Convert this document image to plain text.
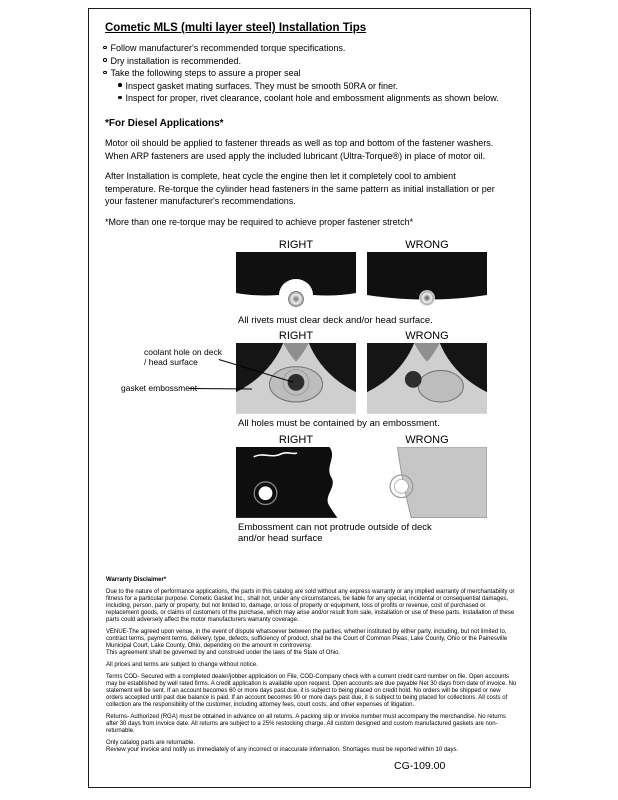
Cometic MLS (multi layer steel) Installation Tips
Follow manufacturer's recommended torque specifications.
Dry installation is recommended.
Take the following steps to assure a proper seal
Inspect gasket mating surfaces. They must be smooth 50RA or finer.
Inspect for proper, rivet clearance, coolant hole and embossment alignments as shown below.
*For Diesel Applications*

Motor oil should be applied to fastener threads as well as top and bottom of the fastener washers. When ARP fasteners are used apply the included lubricant (Ultra-Torque®) in place of motor oil.

After Installation is complete, heat cycle the engine then let it completely cool to ambient temperature. Re-torque the cylinder head fasteners in the same pattern as initial installation or per your fastener manufacturer's recommendations.

*More than one re-torque may be required to achieve proper fastener stretch*

RIGHT	WRONG
All rivets must clear deck and/or head surface.
RIGHT	WRONG
coolant hole on deck / head surface
gasket embossment
All holes must be contained by an embossment.
RIGHT	WRONG
Embossment can not protrude outside of deck and/or head surface
Warranty Disclaimer*

Due to the nature of performance applications, the parts in this catalog are sold without any express warranty or any implied warranty of merchantability or fitness for a particular purpose. Cometic Gasket Inc., shall not, under any circumstances, be liable for any special, incidental or consequential damages, including, person, party or property, but not limited to, damage, or loss of property or equipment, loss of profits or revenue, cost of purchased or replacement goods, or claims of customers of the purchase, which may arise and/or result from sale, installation or use of these parts. Installation of these parts could adversely affect the motor manufacturers warranty coverage.

VENUE-The agreed upon venue, in the event of dispute whatsoever between the parties, whether instituted by either party, including, but not limited to, contract terms, payment terms, delivery, type, defects, sufficiency of product, shall be the Court of Common Pleas, Lake County, Ohio or the Painesville Municipal Court, Lake County, Ohio, depending on the amount in controversy.

This agreement shall be governed by and construed under the laws of the State of Ohio.

All prices and terms are subject to change without notice.

Terms COD- Secured with a completed dealer/jobber application on File, COD-Company check with a current credit card number on file. Open accounts may be established by well rated firms. A credit application is available upon request. Open accounts are due payable Net 30 days from date of invoice. No statement will be sent. If an account becomes 60 or more days past due, it is subject to being placed on credit hold. No orders will be shipped or new orders accepted until past due balance is paid. If an account becomes 90 or more days past due, it is subject to being placed for collections. All costs of collection are the responsibility of the customer, including attorney fees, court costs, and other expenses of litigation.

Returns- Authorized (RGA) must be obtained in advance on all returns. A packing slip or invoice number must accompany the merchandise. No returns after 30 days from invoice date. All returns are subject to a 25% restocking charge. All custom designed and custom manufactured gaskets are non-returnable.

Only catalog parts are returnable.

Review your invoice and notify us immediately of any incorrect or inaccurate information. Shortages must be reported within 10 days.

CG-109.00
